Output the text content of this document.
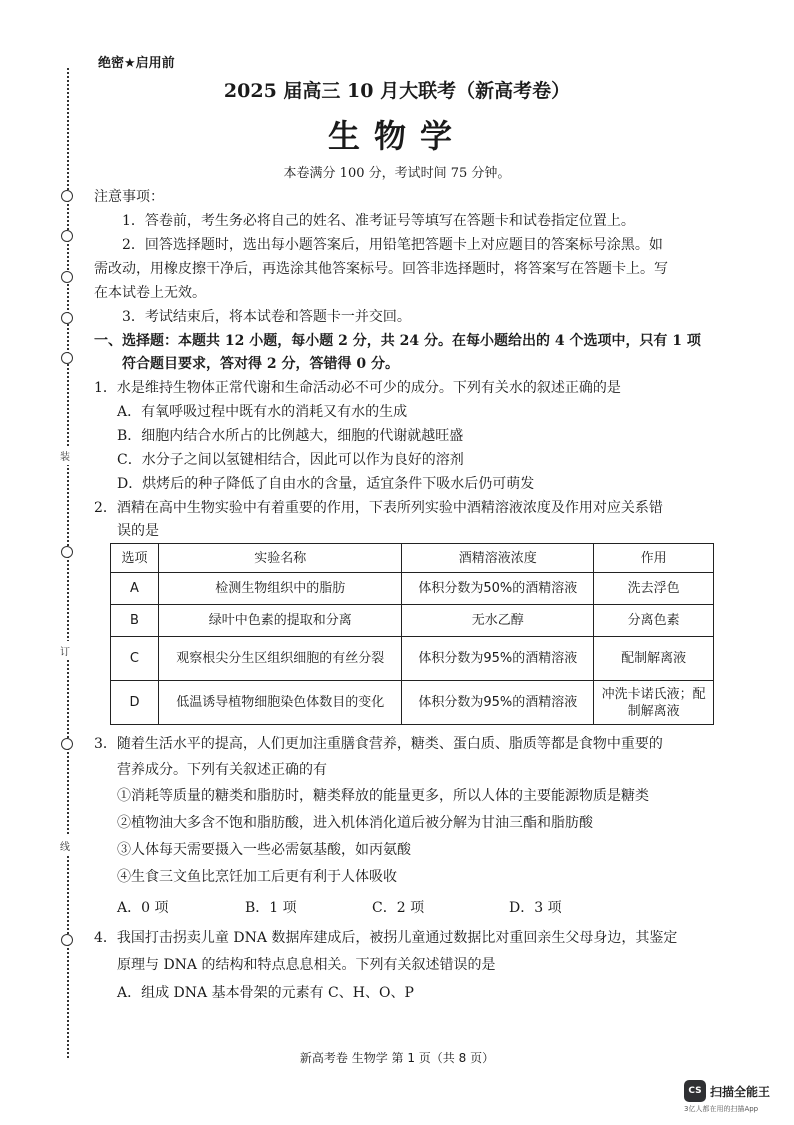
装
订
线
绝密★启用前
2025 届高三 10 月大联考（新高考卷）
生物学
本卷满分 100 分，考试时间 75 分钟。
注意事项：
1．答卷前，考生务必将自己的姓名、准考证号等填写在答题卡和试卷指定位置上。
2．回答选择题时，选出每小题答案后，用铅笔把答题卡上对应题目的答案标号涂黑。如
需改动，用橡皮擦干净后，再选涂其他答案标号。回答非选择题时，将答案写在答题卡上。写
在本试卷上无效。
3．考试结束后，将本试卷和答题卡一并交回。
一、选择题：本题共 12 小题，每小题 2 分，共 24 分。在每小题给出的 4 个选项中，只有 1 项
符合题目要求，答对得 2 分，答错得 0 分。
1．水是维持生物体正常代谢和生命活动必不可少的成分。下列有关水的叙述正确的是
A．有氧呼吸过程中既有水的消耗又有水的生成
B．细胞内结合水所占的比例越大，细胞的代谢就越旺盛
C．水分子之间以氢键相结合，因此可以作为良好的溶剂
D．烘烤后的种子降低了自由水的含量，适宜条件下吸水后仍可萌发
2．酒精在高中生物实验中有着重要的作用，下表所列实验中酒精溶液浓度及作用对应关系错
误的是
选项	实验名称	酒精溶液浓度	作用
A	检测生物组织中的脂肪	体积分数为50%的酒精溶液	洗去浮色
B	绿叶中色素的提取和分离	无水乙醇	分离色素
C	观察根尖分生区组织细胞的有丝分裂	体积分数为95%的酒精溶液	配制解离液
D	低温诱导植物细胞染色体数目的变化	体积分数为95%的酒精溶液	冲洗卡诺氏液；配制解离液
3．随着生活水平的提高，人们更加注重膳食营养，糖类、蛋白质、脂质等都是食物中重要的
营养成分。下列有关叙述正确的有
①消耗等质量的糖类和脂肪时，糖类释放的能量更多，所以人体的主要能源物质是糖类
②植物油大多含不饱和脂肪酸，进入机体消化道后被分解为甘油三酯和脂肪酸
③人体每天需要摄入一些必需氨基酸，如丙氨酸
④生食三文鱼比烹饪加工后更有利于人体吸收
A．0 项	B．1 项	C．2 项	D．3 项
4．我国打击拐卖儿童 DNA 数据库建成后，被拐儿童通过数据比对重回亲生父母身边，其鉴定
原理与 DNA 的结构和特点息息相关。下列有关叙述错误的是
A．组成 DNA 基本骨架的元素有 C、H、O、P
新高考卷 生物学 第 1 页（共 8 页）
CS 扫描全能王
3亿人都在用的扫描App
